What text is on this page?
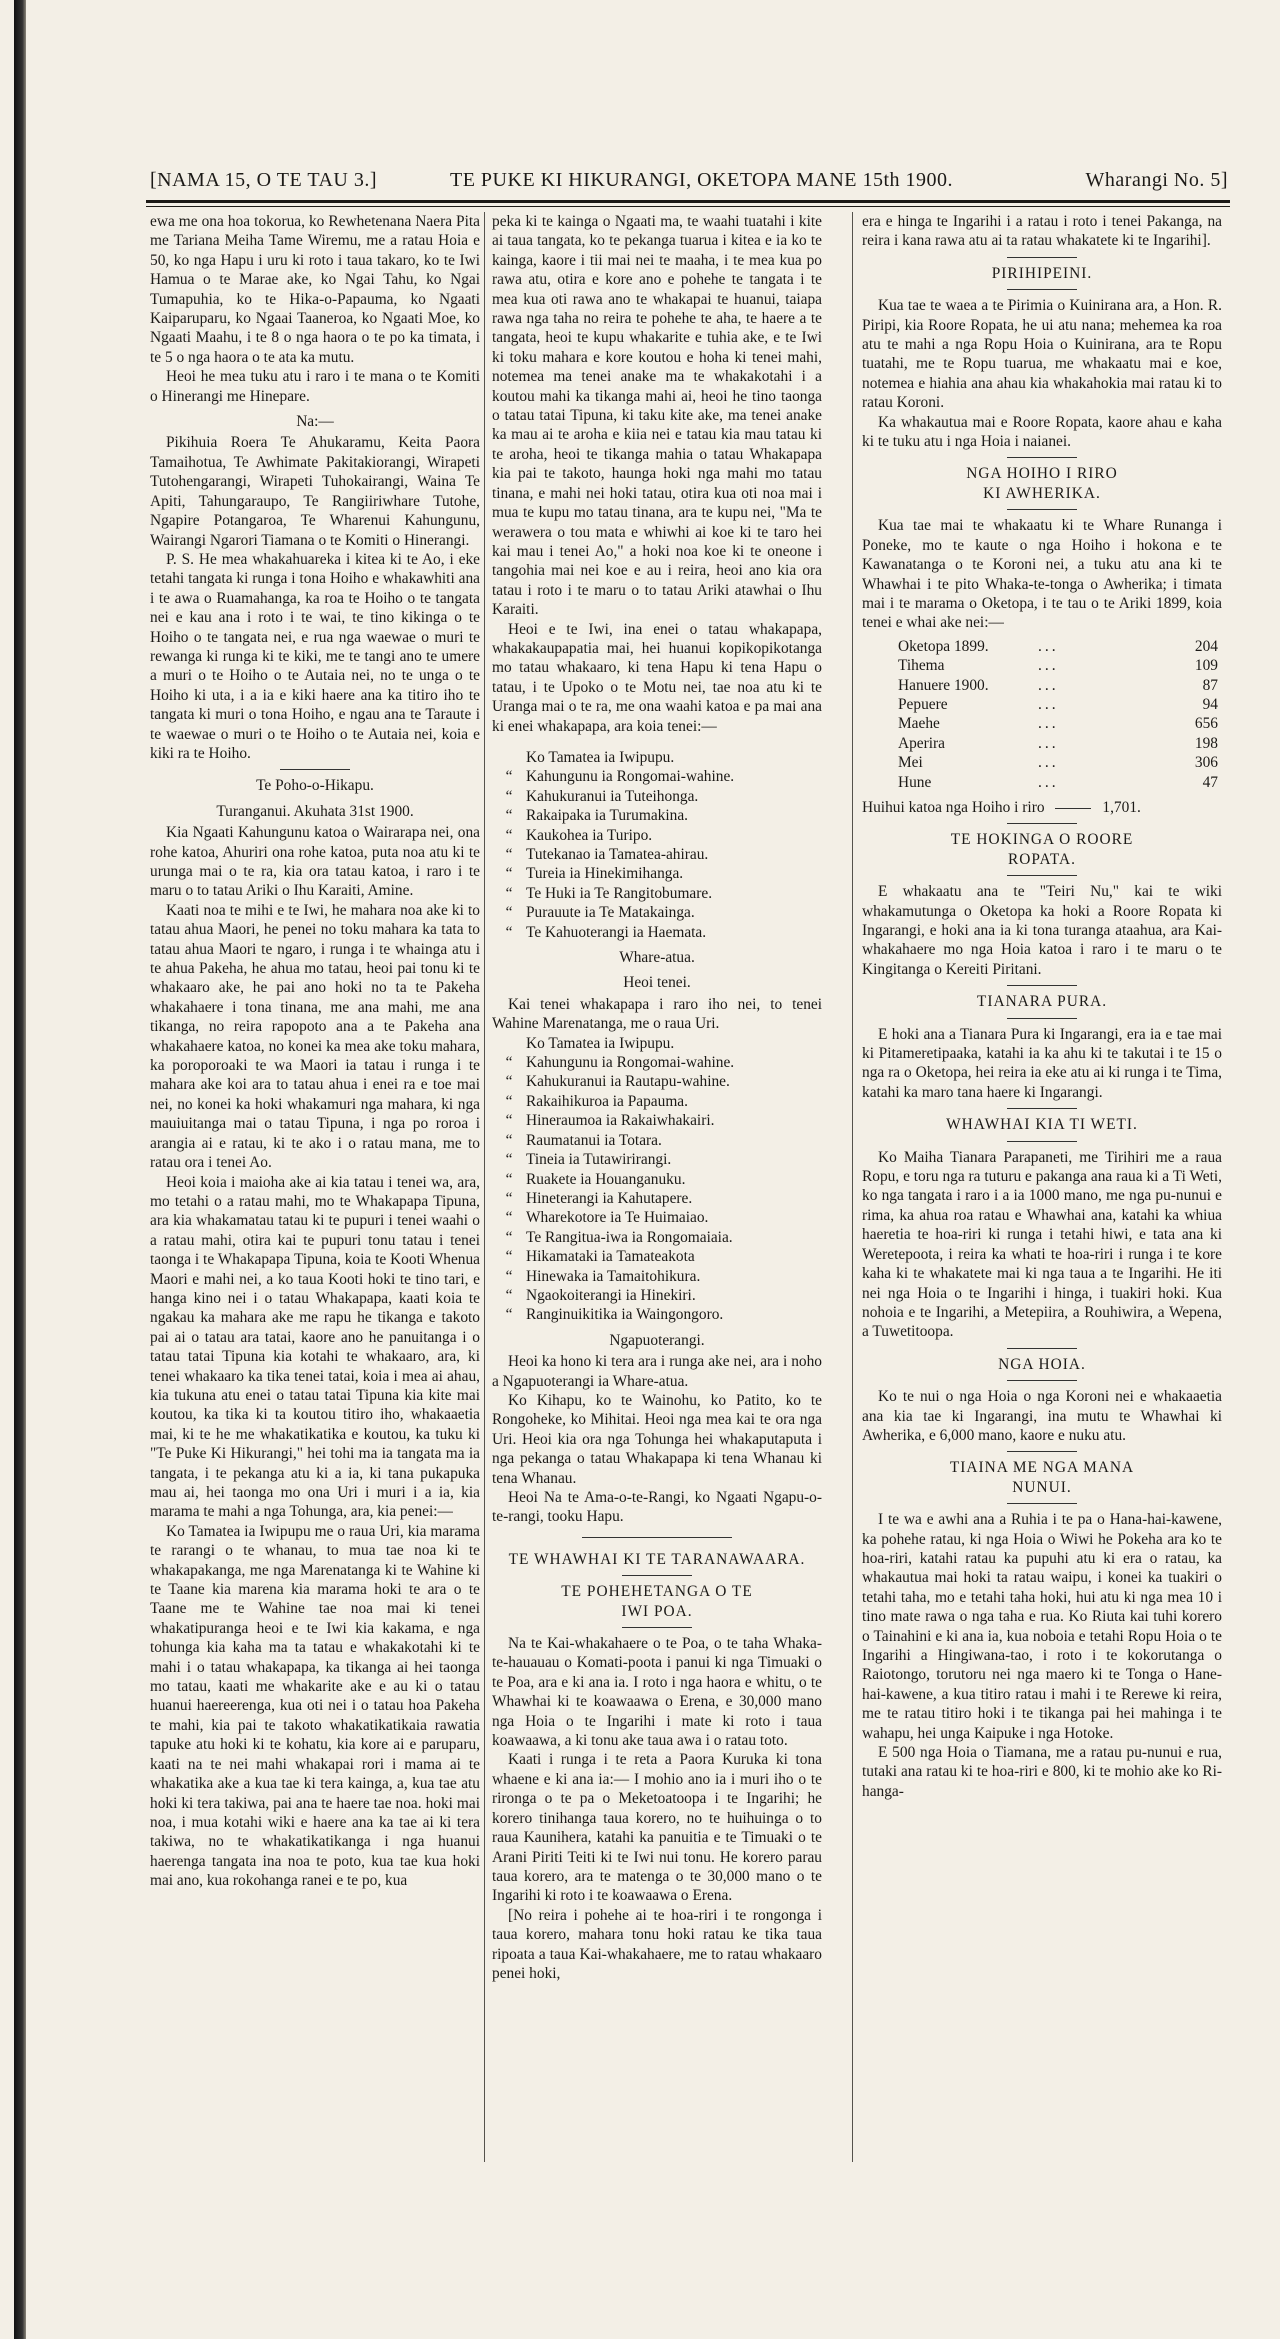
[NAMA 15, O TE TAU 3.]	TE PUKE KI HIKURANGI, OKETOPA MANE 15th 1900.	Wharangi No. 5]

ewa me ona hoa tokorua, ko Rewhetenana Naera Pita me Tariana Meiha Tame Wiremu, me a ratau Hoia e 50, ko nga Hapu i uru ki roto i taua takaro, ko te Iwi Hamua o te Marae ake, ko Ngai Tahu, ko Ngai Tumapuhia, ko te Hika-o-Papauma, ko Ngaati Kaiparuparu, ko Ngaai Taaneroa, ko Ngaati Moe, ko Ngaati Maahu, i te 8 o nga haora o te po ka timata, i te 5 o nga haora o te ata ka mutu.

Heoi he mea tuku atu i raro i te mana o te Komiti o Hinerangi me Hinepare.

Na:—

Pikihuia Roera Te Ahukaramu, Keita Paora Tamaihotua, Te Awhimate Pakitakiorangi, Wirapeti Tutohengarangi, Wirapeti Tuhokairangi, Waina Te Apiti, Tahungaraupo, Te Rangiiriwhare Tutohe, Ngapire Potangaroa, Te Wharenui Kahungunu, Wairangi Ngarori Tiamana o te Komiti o Hinerangi.

P. S. He mea whakahuareka i kitea ki te Ao, i eke tetahi tangata ki runga i tona Hoiho e whakawhiti ana i te awa o Ruamahanga, ka roa te Hoiho o te tangata nei e kau ana i roto i te wai, te tino kikinga o te Hoiho o te tangata nei, e rua nga waewae o muri te rewanga ki runga ki te kiki, me te tangi ano te umere a muri o te Hoiho o te Autaia nei, no te unga o te Hoiho ki uta, i a ia e kiki haere ana ka titiro iho te tangata ki muri o tona Hoiho, e ngau ana te Taraute i te waewae o muri o te Hoiho o te Autaia nei, koia e kiki ra te Hoiho.

Te Poho-o-Hikapu.
Turanganui. Akuhata 31st 1900.

Kia Ngaati Kahungunu katoa o Wairarapa nei, ona rohe katoa, Ahuriri ona rohe katoa, puta noa atu ki te urunga mai o te ra, kia ora tatau katoa, i raro i te maru o to tatau Ariki o Ihu Karaiti, Amine.

Kaati noa te mihi e te Iwi, he mahara noa ake ki to tatau ahua Maori, he penei no toku mahara ka tata to tatau ahua Maori te ngaro, i runga i te whainga atu i te ahua Pakeha, he ahua mo tatau, heoi pai tonu ki te whakaaro ake, he pai ano hoki no ta te Pakeha whakahaere i tona tinana, me ana mahi, me ana tikanga, no reira rapopoto ana a te Pakeha ana whakahaere katoa, no konei ka mea ake toku mahara, ka poroporoaki te wa Maori ia tatau i runga i te mahara ake koi ara to tatau ahua i enei ra e toe mai nei, no konei ka hoki whakamuri nga mahara, ki nga mauiuitanga mai o tatau Tipuna, i nga po roroa i arangia ai e ratau, ki te ako i o ratau mana, me to ratau ora i tenei Ao.

Heoi koia i maioha ake ai kia tatau i tenei wa, ara, mo tetahi o a ratau mahi, mo te Whakapapa Tipuna, ara kia whakamatau tatau ki te pupuri i tenei waahi o a ratau mahi, otira kai te pupuri tonu tatau i tenei taonga i te Whakapapa Tipuna, koia te Kooti Whenua Maori e mahi nei, a ko taua Kooti hoki te tino tari, e hanga kino nei i o tatau Whakapapa, kaati koia te ngakau ka mahara ake me rapu he tikanga e takoto pai ai o tatau ara tatai, kaore ano he panuitanga i o tatau tatai Tipuna kia kotahi te whakaaro, ara, ki tenei whakaaro ka tika tenei tatai, koia i mea ai ahau, kia tukuna atu enei o tatau tatai Tipuna kia kite mai koutou, ka tika ki ta koutou titiro iho, whakaaetia mai, ki te he me whakatikatika e koutou, ka tuku ki "Te Puke Ki Hikurangi," hei tohi ma ia tangata ma ia tangata, i te pekanga atu ki a ia, ki tana pukapuka mau ai, hei taonga mo ona Uri i muri i a ia, kia marama te mahi a nga Tohunga, ara, kia penei:—

Ko Tamatea ia Iwipupu me o raua Uri, kia marama te rarangi o te whanau, to mua tae noa ki te whakapakanga, me nga Marenatanga ki te Wahine ki te Taane kia marena kia marama hoki te ara o te Taane me te Wahine tae noa mai ki tenei whakatipuranga heoi e te Iwi kia kakama, e nga tohunga kia kaha ma ta tatau e whakakotahi ki te mahi i o tatau whakapapa, ka tikanga ai hei taonga mo tatau, kaati me whakarite ake e au ki o tatau huanui haereerenga, kua oti nei i o tatau hoa Pakeha te mahi, kia pai te takoto whakatikatikaia rawatia tapuke atu hoki ki te kohatu, kia kore ai e paruparu, kaati na te nei mahi whakapai rori i mama ai te whakatika ake a kua tae ki tera kainga, a, kua tae atu hoki ki tera takiwa, pai ana te haere tae noa. hoki mai noa, i mua kotahi wiki e haere ana ka tae ai ki tera takiwa, no te whakatikatikanga i nga huanui haerenga tangata ina noa te poto, kua tae kua hoki mai ano, kua rokohanga ranei e te po, kua

peka ki te kainga o Ngaati ma, te waahi tuatahi i kite ai taua tangata, ko te pekanga tuarua i kitea e ia ko te kainga, kaore i tii mai nei te maaha, i te mea kua po rawa atu, otira e kore ano e pohehe te tangata i te mea kua oti rawa ano te whakapai te huanui, taiapa rawa nga taha no reira te pohehe te aha, te haere a te tangata, heoi te kupu whakarite e tuhia ake, e te Iwi ki toku mahara e kore koutou e hoha ki tenei mahi, notemea ma tenei anake ma te whakakotahi i a koutou mahi ka tikanga mahi ai, heoi he tino taonga o tatau tatai Tipuna, ki taku kite ake, ma tenei anake ka mau ai te aroha e kiia nei e tatau kia mau tatau ki te aroha, heoi te tikanga mahia o tatau Whakapapa kia pai te takoto, haunga hoki nga mahi mo tatau tinana, e mahi nei hoki tatau, otira kua oti noa mai i mua te kupu mo tatau tinana, ara te kupu nei, "Ma te werawera o tou mata e whiwhi ai koe ki te taro hei kai mau i tenei Ao," a hoki noa koe ki te oneone i tangohia mai nei koe e au i reira, heoi ano kia ora tatau i roto i te maru o to tatau Ariki atawhai o Ihu Karaiti.

Heoi e te Iwi, ina enei o tatau whakapapa, whakakaupapatia mai, hei huanui kopikopikotanga mo tatau whakaaro, ki tena Hapu ki tena Hapu o tatau, i te Upoko o te Motu nei, tae noa atu ki te Uranga mai o te ra, me ona waahi katoa e pa mai ana ki enei whakapapa, ara koia tenei:—

Ko Tamatea ia Iwipupu.
“ Kahungunu ia Rongomai-wahine.
“ Kahukuranui ia Tuteihonga.
“ Rakaipaka ia Turumakina.
“ Kaukohea ia Turipo.
“ Tutekanao ia Tamatea-ahirau.
“ Tureia ia Hinekimihanga.
“ Te Huki ia Te Rangitobumare.
“ Purauute ia Te Matakainga.
“ Te Kahuoterangi ia Haemata.
Whare-atua.
Heoi tenei.

Kai tenei whakapapa i raro iho nei, to tenei Wahine Marenatanga, me o raua Uri.

Ko Tamatea ia Iwipupu.
“ Kahungunu ia Rongomai-wahine.
“ Kahukuranui ia Rautapu-wahine.
“ Rakaihikuroa ia Papauma.
“ Hineraumoa ia Rakaiwhakairi.
“ Raumatanui ia Totara.
“ Tineia ia Tutawirirangi.
“ Ruakete ia Houanganuku.
“ Hineterangi ia Kahutapere.
“ Wharekotore ia Te Huimaiao.
“ Te Rangitua-iwa ia Rongomaiaia.
“ Hikamataki ia Tamateakota
“ Hinewaka ia Tamaitohikura.
“ Ngaokoiterangi ia Hinekiri.
“ Ranginuikitika ia Waingongoro.
Ngapuoterangi.

Heoi ka hono ki tera ara i runga ake nei, ara i noho a Ngapuoterangi ia Whare-atua.

Ko Kihapu, ko te Wainohu, ko Patito, ko te Rongoheke, ko Mihitai. Heoi nga mea kai te ora nga Uri. Heoi kia ora nga Tohunga hei whakaputaputa i nga pekanga o tatau Whakapapa ki tena Whanau ki tena Whanau.

Heoi Na te Ama-o-te-Rangi, ko Ngaati Ngapu-o-te-rangi, tooku Hapu.

TE WHAWHAI KI TE TARANAWAARA.
TE POHEHETANGA O TE IWI POA.

Na te Kai-whakahaere o te Poa, o te taha Whaka-te-hauauau o Komati-poota i panui ki nga Timuaki o te Poa, ara e ki ana ia. I roto i nga haora e whitu, o te Whawhai ki te koawaawa o Erena, e 30,000 mano nga Hoia o te Ingarihi i mate ki roto i taua koawaawa, a ki tonu ake taua awa i o ratau toto.

Kaati i runga i te reta a Paora Kuruka ki tona whaene e ki ana ia:— I mohio ano ia i muri iho o te rironga o te pa o Meketoatoopa i te Ingarihi; he korero tinihanga taua korero, no te huihuinga o to raua Kaunihera, katahi ka panuitia e te Timuaki o te Arani Piriti Teiti ki te Iwi nui tonu. He korero parau taua korero, ara te matenga o te 30,000 mano o te Ingarihi ki roto i te koawaawa o Erena.

[No reira i pohehe ai te hoa-riri i te rongonga i taua korero, mahara tonu hoki ratau ke tika taua ripoata a taua Kai-whakahaere, me to ratau whakaaro penei hoki,

era e hinga te Ingarihi i a ratau i roto i tenei Pakanga, na reira i kana rawa atu ai ta ratau whakatete ki te Ingarihi].

PIRIHIPEINI.

Kua tae te waea a te Pirimia o Kuinirana ara, a Hon. R. Piripi, kia Roore Ropata, he ui atu nana; mehemea ka roa atu te mahi a nga Ropu Hoia o Kuinirana, ara te Ropu tuatahi, me te Ropu tuarua, me whakaatu mai e koe, notemea e hiahia ana ahau kia whakahokia mai ratau ki to ratau Koroni.

Ka whakautua mai e Roore Ropata, kaore ahau e kaha ki te tuku atu i nga Hoia i naianei.

NGA HOIHO I RIRO
KI AWHERIKA.

Kua tae mai te whakaatu ki te Whare Runanga i Poneke, mo te kaute o nga Hoiho i hokona e te Kawanatanga o te Koroni nei, a tuku atu ana ki te Whawhai i te pito Whaka-te-tonga o Awherika; i timata mai i te marama o Oketopa, i te tau o te Ariki 1899, koia tenei e whai ake nei:—

Oketopa 1899.	...	204
Tihema	...	109
Hanuere 1900.	...	87
Pepuere	...	94
Maehe	...	656
Aperira	...	198
Mei	...	306
Hune	...	47
Huihui katoa nga Hoiho i riro	1,701.
TE HOKINGA O ROORE
ROPATA.

E whakaatu ana te "Teiri Nu," kai te wiki whakamutunga o Oketopa ka hoki a Roore Ropata ki Ingarangi, e hoki ana ia ki tona turanga ataahua, ara Kai-whakahaere mo nga Hoia katoa i raro i te maru o te Kingitanga o Kereiti Piritani.

TIANARA PURA.

E hoki ana a Tianara Pura ki Ingarangi, era ia e tae mai ki Pitameretipaaka, katahi ia ka ahu ki te takutai i te 15 o nga ra o Oketopa, hei reira ia eke atu ai ki runga i te Tima, katahi ka maro tana haere ki Ingarangi.

WHAWHAI KIA TI WETI.

Ko Maiha Tianara Parapaneti, me Tirihiri me a raua Ropu, e toru nga ra tuturu e pakanga ana raua ki a Ti Weti, ko nga tangata i raro i a ia 1000 mano, me nga pu-nunui e rima, ka ahua roa ratau e Whawhai ana, katahi ka whiua haeretia te hoa-riri ki runga i tetahi hiwi, e tata ana ki Weretepoota, i reira ka whati te hoa-riri i runga i te kore kaha ki te whakatete mai ki nga taua a te Ingarihi. He iti nei nga Hoia o te Ingarihi i hinga, i tuakiri hoki. Kua nohoia e te Ingarihi, a Metepiira, a Rouhiwira, a Wepena, a Tuwetitoopa.

NGA HOIA.

Ko te nui o nga Hoia o nga Koroni nei e whakaaetia ana kia tae ki Ingarangi, ina mutu te Whawhai ki Awherika, e 6,000 mano, kaore e nuku atu.

TIAINA ME NGA MANA
NUNUI.

I te wa e awhi ana a Ruhia i te pa o Hana-hai-kawene, ka pohehe ratau, ki nga Hoia o Wiwi he Pokeha ara ko te hoa-riri, katahi ratau ka pupuhi atu ki era o ratau, ka whakautua mai hoki ta ratau waipu, i konei ka tuakiri o tetahi taha, mo e tetahi taha hoki, hui atu ki nga mea 10 i tino mate rawa o nga taha e rua. Ko Riuta kai tuhi korero o Tainahini e ki ana ia, kua noboia e tetahi Ropu Hoia o te Ingarihi a Hingiwana-tao, i roto i te kokorutanga o Raiotongo, torutoru nei nga maero ki te Tonga o Hane-hai-kawene, a kua titiro ratau i mahi i te Rerewe ki reira, me te ratau titiro hoki i te tikanga pai hei mahinga i te wahapu, hei unga Kaipuke i nga Hotoke.

E 500 nga Hoia o Tiamana, me a ratau pu-nunui e rua, tutaki ana ratau ki te hoa-riri e 800, ki te mohio ake ko Ri-hanga-
